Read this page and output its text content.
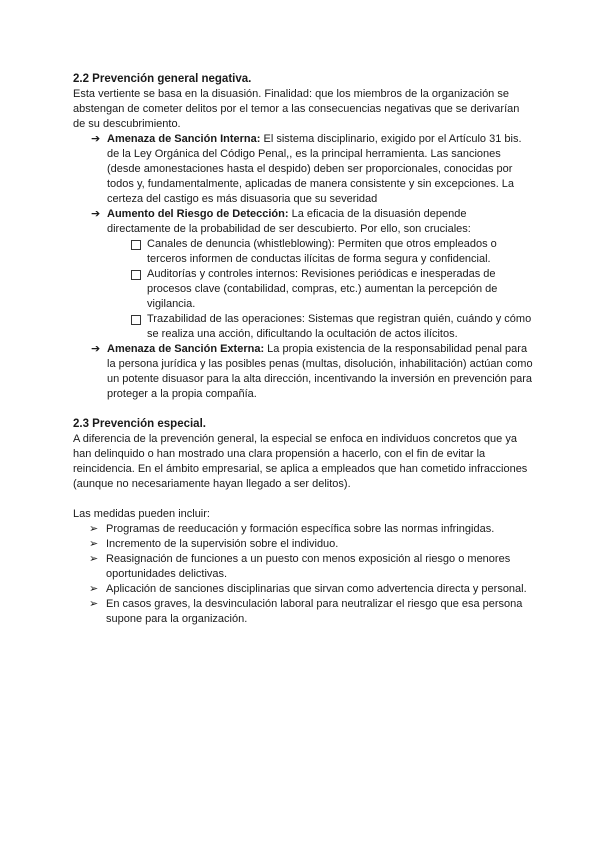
2.2 Prevención general negativa.

Esta vertiente se basa en la disuasión. Finalidad: que los miembros de la organización se abstengan de cometer delitos por el temor a las consecuencias negativas que se derivarían de su descubrimiento.

➔ Amenaza de Sanción Interna: El sistema disciplinario, exigido por el Artículo 31 bis. de la Ley Orgánica del Código Penal,, es la principal herramienta. Las sanciones (desde amonestaciones hasta el despido) deben ser proporcionales, conocidas por todos y, fundamentalmente, aplicadas de manera consistente y sin excepciones. La certeza del castigo es más disuasoria que su severidad
➔ Aumento del Riesgo de Detección: La eficacia de la disuasión depende directamente de la probabilidad de ser descubierto. Por ello, son cruciales:
Canales de denuncia (whistleblowing): Permiten que otros empleados o terceros informen de conductas ilícitas de forma segura y confidencial.
Auditorías y controles internos: Revisiones periódicas e inesperadas de procesos clave (contabilidad, compras, etc.) aumentan la percepción de vigilancia.
Trazabilidad de las operaciones: Sistemas que registran quién, cuándo y cómo se realiza una acción, dificultando la ocultación de actos ilícitos.
➔ Amenaza de Sanción Externa: La propia existencia de la responsabilidad penal para la persona jurídica y las posibles penas (multas, disolución, inhabilitación) actúan como un potente disuasor para la alta dirección, incentivando la inversión en prevención para proteger a la propia compañía.
2.3 Prevención especial.

A diferencia de la prevención general, la especial se enfoca en individuos concretos que ya han delinquido o han mostrado una clara propensión a hacerlo, con el fin de evitar la reincidencia. En el ámbito empresarial, se aplica a empleados que han cometido infracciones (aunque no necesariamente hayan llegado a ser delitos).

Las medidas pueden incluir:

➢ Programas de reeducación y formación específica sobre las normas infringidas.
➢ Incremento de la supervisión sobre el individuo.
➢ Reasignación de funciones a un puesto con menos exposición al riesgo o menores oportunidades delictivas.
➢ Aplicación de sanciones disciplinarias que sirvan como advertencia directa y personal.
➢ En casos graves, la desvinculación laboral para neutralizar el riesgo que esa persona supone para la organización.
